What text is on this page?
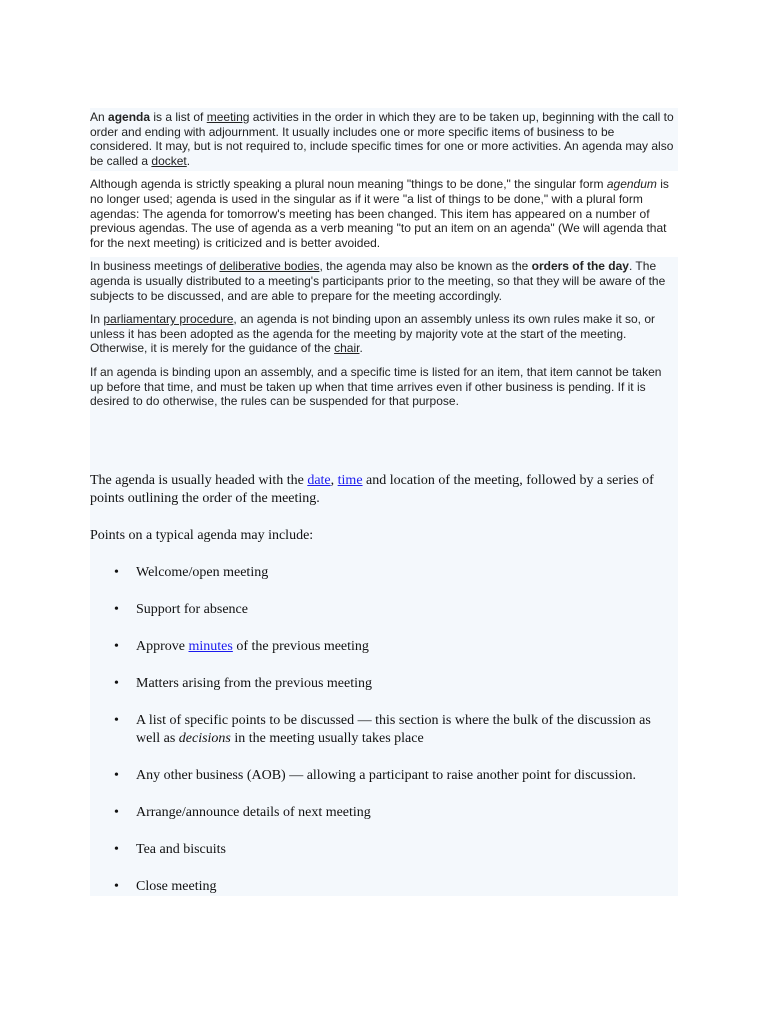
An agenda is a list of meeting activities in the order in which they are to be taken up, beginning with the call to order and ending with adjournment. It usually includes one or more specific items of business to be considered. It may, but is not required to, include specific times for one or more activities. An agenda may also be called a docket.

Although agenda is strictly speaking a plural noun meaning "things to be done," the singular form agendum is no longer used; agenda is used in the singular as if it were "a list of things to be done," with a plural form agendas: The agenda for tomorrow's meeting has been changed. This item has appeared on a number of previous agendas. The use of agenda as a verb meaning "to put an item on an agenda" (We will agenda that for the next meeting) is criticized and is better avoided.

In business meetings of deliberative bodies, the agenda may also be known as the orders of the day. The agenda is usually distributed to a meeting's participants prior to the meeting, so that they will be aware of the subjects to be discussed, and are able to prepare for the meeting accordingly.

In parliamentary procedure, an agenda is not binding upon an assembly unless its own rules make it so, or unless it has been adopted as the agenda for the meeting by majority vote at the start of the meeting. Otherwise, it is merely for the guidance of the chair.

If an agenda is binding upon an assembly, and a specific time is listed for an item, that item cannot be taken up before that time, and must be taken up when that time arrives even if other business is pending. If it is desired to do otherwise, the rules can be suspended for that purpose.

The agenda is usually headed with the date, time and location of the meeting, followed by a series of points outlining the order of the meeting.

Points on a typical agenda may include:

• Welcome/open meeting
• Support for absence
• Approve minutes of the previous meeting
• Matters arising from the previous meeting
• A list of specific points to be discussed — this section is where the bulk of the discussion as well as decisions in the meeting usually takes place
• Any other business (AOB) — allowing a participant to raise another point for discussion.
• Arrange/announce details of next meeting
• Tea and biscuits
• Close meeting
